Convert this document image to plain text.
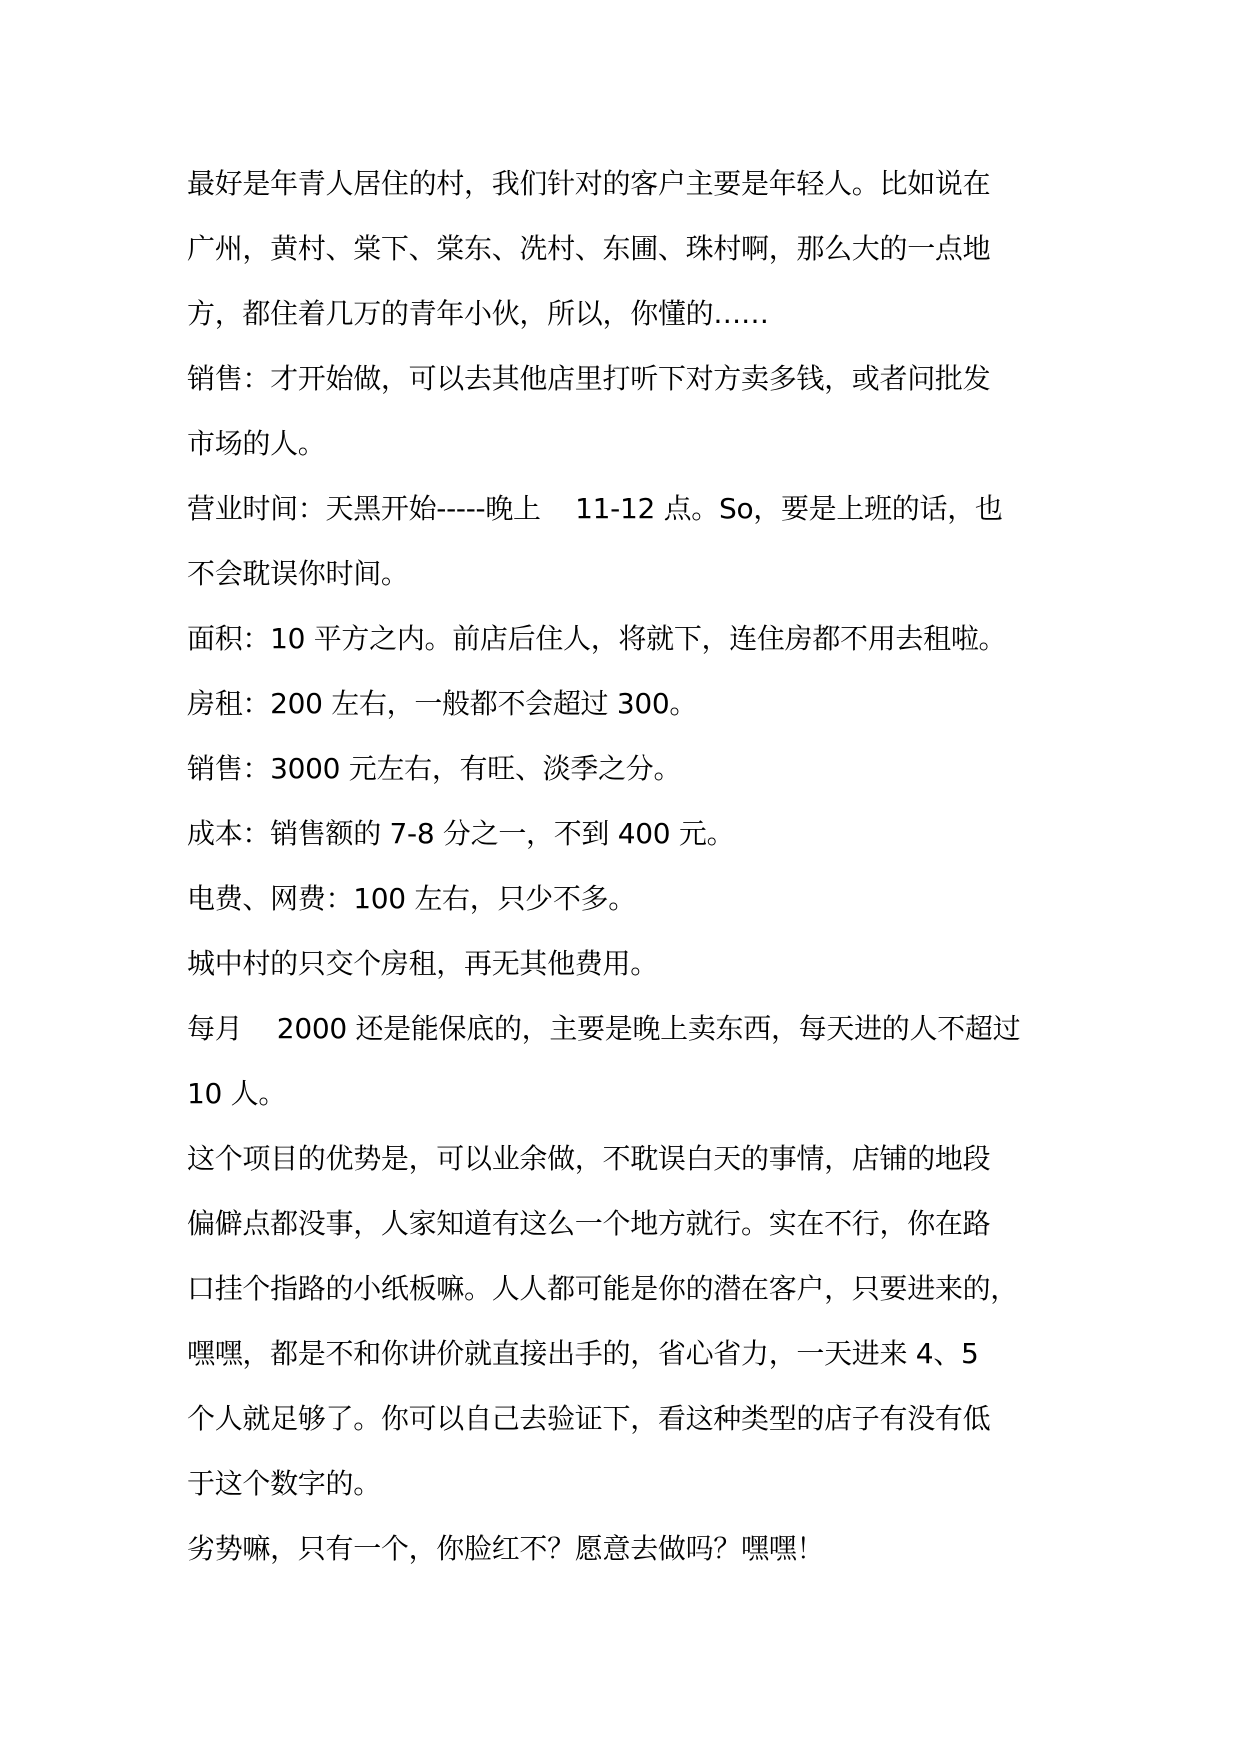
最好是年青人居住的村，我们针对的客户主要是年轻人。比如说在
广州，黄村、棠下、棠东、冼村、东圃、珠村啊，那么大的一点地
方，都住着几万的青年小伙，所以，你懂的……
销售：才开始做，可以去其他店里打听下对方卖多钱，或者问批发
市场的人。
营业时间：天黑开始-----晚上    11-12 点。So，要是上班的话，也
不会耽误你时间。
面积：10 平方之内。前店后住人，将就下，连住房都不用去租啦。
房租：200 左右，一般都不会超过 300。
销售：3000 元左右，有旺、淡季之分。
成本：销售额的 7-8 分之一，不到 400 元。
电费、网费：100 左右，只少不多。
城中村的只交个房租，再无其他费用。
每月    2000 还是能保底的，主要是晚上卖东西，每天进的人不超过
10 人。
这个项目的优势是，可以业余做，不耽误白天的事情，店铺的地段
偏僻点都没事，人家知道有这么一个地方就行。实在不行，你在路
口挂个指路的小纸板嘛。人人都可能是你的潜在客户，只要进来的，
嘿嘿，都是不和你讲价就直接出手的，省心省力，一天进来 4、5
个人就足够了。你可以自己去验证下，看这种类型的店子有没有低
于这个数字的。
劣势嘛，只有一个，你脸红不？愿意去做吗？嘿嘿！
